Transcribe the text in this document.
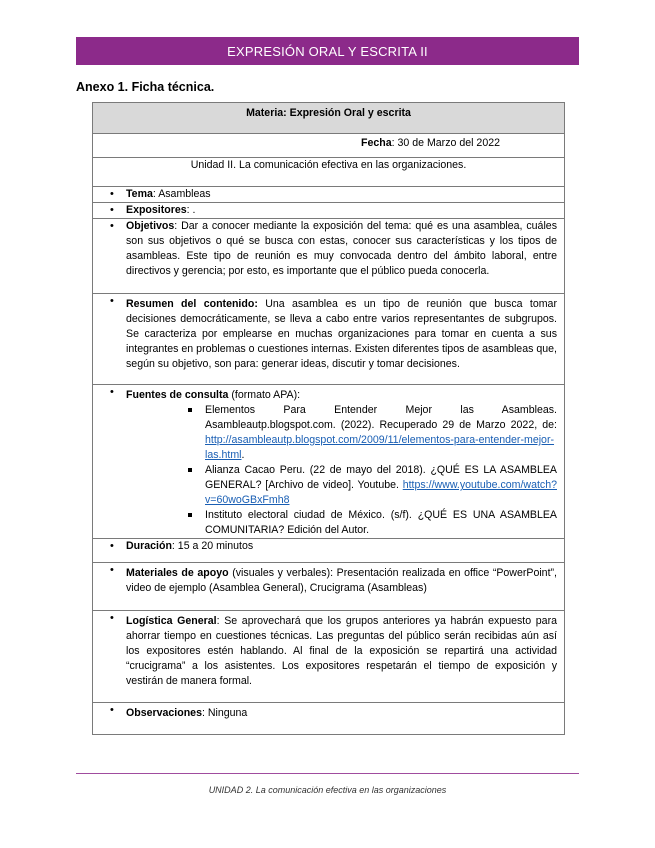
EXPRESIÓN ORAL Y ESCRITA II
Anexo 1. Ficha técnica.
Materia: Expresión Oral y escrita
Fecha: 30 de Marzo del 2022
Unidad II. La comunicación efectiva en las organizaciones.
• Tema: Asambleas
• Expositores: .
• Objetivos: Dar a conocer mediante la exposición del tema: qué es una asamblea, cuáles son sus objetivos o qué se busca con estas, conocer sus características y los tipos de asambleas. Este tipo de reunión es muy convocada dentro del ámbito laboral, entre directivos y gerencia; por esto, es importante que el público pueda conocerla.
• Resumen del contenido: Una asamblea es un tipo de reunión que busca tomar decisiones democráticamente, se lleva a cabo entre varios representantes de subgrupos. Se caracteriza por emplearse en muchas organizaciones para tomar en cuenta a sus integrantes en problemas o cuestiones internas. Existen diferentes tipos de asambleas que, según su objetivo, son para: generar ideas, discutir y tomar decisiones.

• Fuentes de consulta (formato APA):
Elementos Para Entender Mejor las Asambleas. Asambleautp.blogspot.com. (2022). Recuperado 29 de Marzo 2022, de: http://asambleautp.blogspot.com/2009/11/elementos-para-entender-mejor-las.html.
Alianza Cacao Peru. (22 de mayo del 2018). ¿QUÉ ES LA ASAMBLEA GENERAL? [Archivo de video]. Youtube. https://www.youtube.com/watch?v=60woGBxFmh8
Instituto electoral ciudad de México. (s/f). ¿QUÉ ES UNA ASAMBLEA COMUNITARIA? Edición del Autor.

• Duración: 15 a 20 minutos
• Materiales de apoyo (visuales y verbales): Presentación realizada en office “PowerPoint”, video de ejemplo (Asamblea General), Crucigrama (Asambleas)
• Logística General: Se aprovechará que los grupos anteriores ya habrán expuesto para ahorrar tiempo en cuestiones técnicas. Las preguntas del público serán recibidas aún así los expositores estén hablando. Al final de la exposición se repartirá una actividad “crucigrama” a los asistentes. Los expositores respetarán el tiempo de exposición y vestirán de manera formal.
• Observaciones: Ninguna
UNIDAD 2. La comunicación efectiva en las organizaciones
